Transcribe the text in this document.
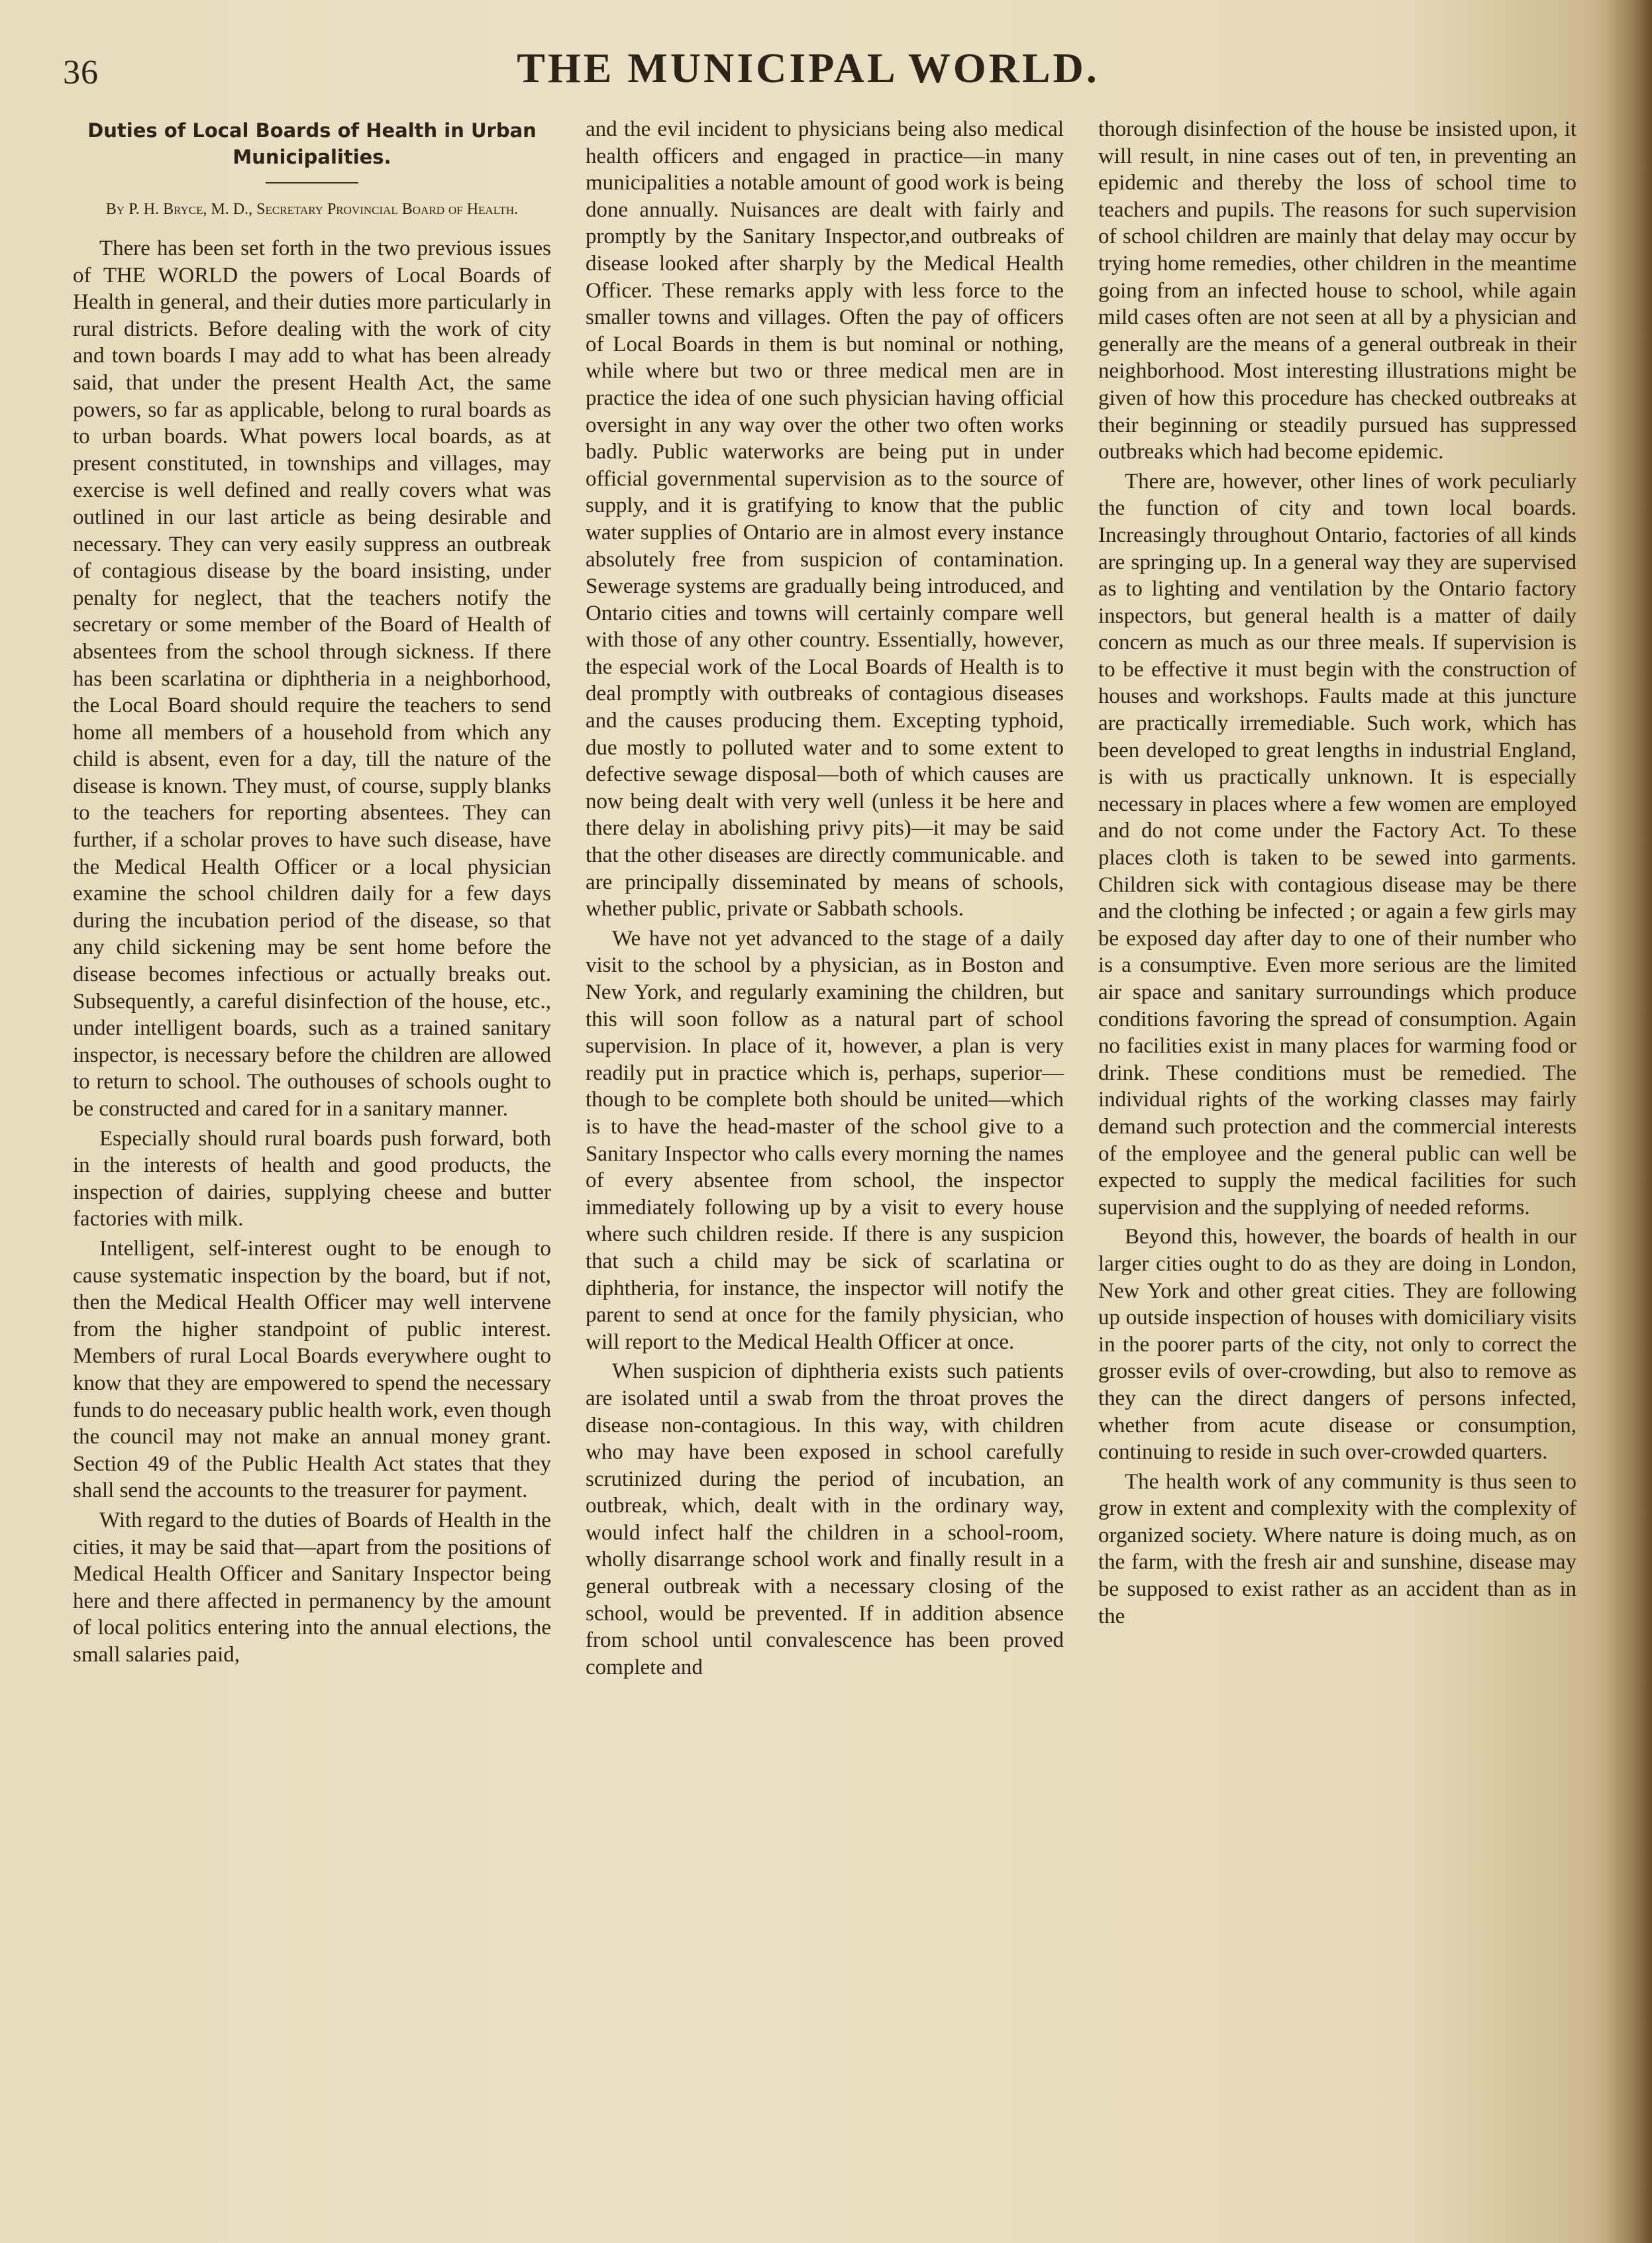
36	THE MUNICIPAL WORLD.
Duties of Local Boards of Health in Urban Municipalities.
By P. H. Bryce, M. D., Secretary Provincial Board of Health.

There has been set forth in the two previous issues of THE WORLD the powers of Local Boards of Health in general, and their duties more particularly in rural districts. Before dealing with the work of city and town boards I may add to what has been already said, that under the present Health Act, the same powers, so far as applicable, belong to rural boards as to urban boards. What powers local boards, as at present constituted, in townships and villages, may exercise is well defined and really covers what was outlined in our last article as being desirable and necessary. They can very easily suppress an outbreak of contagious disease by the board insisting, under penalty for neglect, that the teachers notify the secretary or some member of the Board of Health of absentees from the school through sickness. If there has been scarlatina or diphtheria in a neighborhood, the Local Board should require the teachers to send home all members of a household from which any child is absent, even for a day, till the nature of the disease is known. They must, of course, supply blanks to the teachers for reporting absentees. They can further, if a scholar proves to have such disease, have the Medical Health Officer or a local physician examine the school children daily for a few days during the incubation period of the disease, so that any child sickening may be sent home before the disease becomes infectious or actually breaks out. Subsequently, a careful disinfection of the house, etc., under intelligent boards, such as a trained sanitary inspector, is necessary before the children are allowed to return to school. The outhouses of schools ought to be constructed and cared for in a sanitary manner.

Especially should rural boards push forward, both in the interests of health and good products, the inspection of dairies, supplying cheese and butter factories with milk.

Intelligent, self-interest ought to be enough to cause systematic inspection by the board, but if not, then the Medical Health Officer may well intervene from the higher standpoint of public interest. Members of rural Local Boards everywhere ought to know that they are empowered to spend the necessary funds to do neceasary public health work, even though the council may not make an annual money grant. Section 49 of the Public Health Act states that they shall send the accounts to the treasurer for payment.

With regard to the duties of Boards of Health in the cities, it may be said that—apart from the positions of Medical Health Officer and Sanitary Inspector being here and there affected in permanency by the amount of local politics entering into the annual elections, the small salaries paid,

and the evil incident to physicians being also medical health officers and engaged in practice—in many municipalities a notable amount of good work is being done annually. Nuisances are dealt with fairly and promptly by the Sanitary Inspector,and outbreaks of disease looked after sharply by the Medical Health Officer. These remarks apply with less force to the smaller towns and villages. Often the pay of officers of Local Boards in them is but nominal or nothing, while where but two or three medical men are in practice the idea of one such physician having official oversight in any way over the other two often works badly. Public waterworks are being put in under official governmental supervision as to the source of supply, and it is gratifying to know that the public water supplies of Ontario are in almost every instance absolutely free from suspicion of contamination. Sewerage systems are gradually being introduced, and Ontario cities and towns will certainly compare well with those of any other country. Essentially, however, the especial work of the Local Boards of Health is to deal promptly with outbreaks of contagious diseases and the causes producing them. Excepting typhoid, due mostly to polluted water and to some extent to defective sewage disposal—both of which causes are now being dealt with very well (unless it be here and there delay in abolishing privy pits)—it may be said that the other diseases are directly communicable. and are principally disseminated by means of schools, whether public, private or Sabbath schools.

We have not yet advanced to the stage of a daily visit to the school by a physician, as in Boston and New York, and regularly examining the children, but this will soon follow as a natural part of school supervision. In place of it, however, a plan is very readily put in practice which is, perhaps, superior—though to be complete both should be united—which is to have the head-master of the school give to a Sanitary Inspector who calls every morning the names of every absentee from school, the inspector immediately following up by a visit to every house where such children reside. If there is any suspicion that such a child may be sick of scarlatina or diphtheria, for instance, the inspector will notify the parent to send at once for the family physician, who will report to the Medical Health Officer at once.

When suspicion of diphtheria exists such patients are isolated until a swab from the throat proves the disease non-contagious. In this way, with children who may have been exposed in school carefully scrutinized during the period of incubation, an outbreak, which, dealt with in the ordinary way, would infect half the children in a school-room, wholly disarrange school work and finally result in a general outbreak with a necessary closing of the school, would be prevented. If in addition absence from school until convalescence has been proved complete and

thorough disinfection of the house be insisted upon, it will result, in nine cases out of ten, in preventing an epidemic and thereby the loss of school time to teachers and pupils. The reasons for such supervision of school children are mainly that delay may occur by trying home remedies, other children in the meantime going from an infected house to school, while again mild cases often are not seen at all by a physician and generally are the means of a general outbreak in their neighborhood. Most interesting illustrations might be given of how this procedure has checked outbreaks at their beginning or steadily pursued has suppressed outbreaks which had become epidemic.

There are, however, other lines of work peculiarly the function of city and town local boards. Increasingly throughout Ontario, factories of all kinds are springing up. In a general way they are supervised as to lighting and ventilation by the Ontario factory inspectors, but general health is a matter of daily concern as much as our three meals. If supervision is to be effective it must begin with the construction of houses and workshops. Faults made at this juncture are practically irremediable. Such work, which has been developed to great lengths in industrial England, is with us practically unknown. It is especially necessary in places where a few women are employed and do not come under the Factory Act. To these places cloth is taken to be sewed into garments. Children sick with contagious disease may be there and the clothing be infected ; or again a few girls may be exposed day after day to one of their number who is a consumptive. Even more serious are the limited air space and sanitary surroundings which produce conditions favoring the spread of consumption. Again no facilities exist in many places for warming food or drink. These conditions must be remedied. The individual rights of the working classes may fairly demand such protection and the commercial interests of the employee and the general public can well be expected to supply the medical facilities for such supervision and the supplying of needed reforms.

Beyond this, however, the boards of health in our larger cities ought to do as they are doing in London, New York and other great cities. They are following up outside inspection of houses with domiciliary visits in the poorer parts of the city, not only to correct the grosser evils of over-crowding, but also to remove as they can the direct dangers of persons infected, whether from acute disease or consumption, continuing to reside in such over-crowded quarters.

The health work of any community is thus seen to grow in extent and complexity with the complexity of organized society. Where nature is doing much, as on the farm, with the fresh air and sunshine, disease may be supposed to exist rather as an accident than as in the
